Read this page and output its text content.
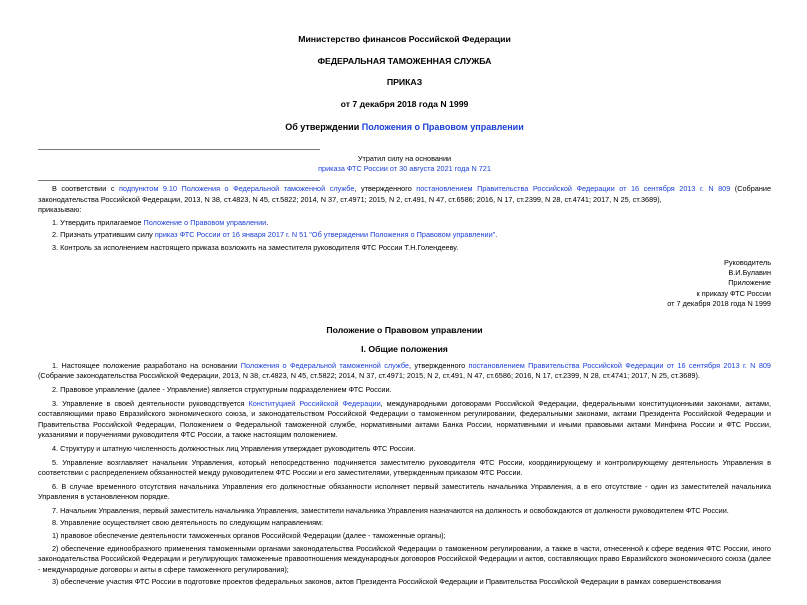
Министерство финансов Российской Федерации
ФЕДЕРАЛЬНАЯ ТАМОЖЕННАЯ СЛУЖБА
ПРИКАЗ
от 7 декабря 2018 года N 1999
Об утверждении Положения о Правовом управлении
Утратил силу на основании
приказа ФТС России от 30 августа 2021 года N 721
В соответствии с подпунктом 9.10 Положения о Федеральной таможенной службе, утвержденного постановлением Правительства Российской Федерации от 16 сентября 2013 г. N 809 (Собрание законодательства Российской Федерации, 2013, N 38, ст.4823, N 45, ст.5822; 2014, N 37, ст.4971; 2015, N 2, ст.491, N 47, ст.6586; 2016, N 17, ст.2399, N 28, ст.4741; 2017, N 25, ст.3689),
приказываю:
1. Утвердить прилагаемое Положение о Правовом управлении.
2. Признать утратившим силу приказ ФТС России от 16 января 2017 г. N 51 "Об утверждении Положения о Правовом управлении".
3. Контроль за исполнением настоящего приказа возложить на заместителя руководителя ФТС России Т.Н.Голендееву.
Руководитель
В.И.Булавин
Приложение
к приказу ФТС России
от 7 декабря 2018 года N 1999
Положение о Правовом управлении
I. Общие положения
1. Настоящее положение разработано на основании Положения о Федеральной таможенной службе, утвержденного постановлением Правительства Российской Федерации от 16 сентября 2013 г. N 809 (Собрание законодательства Российской Федерации, 2013, N 38, ст.4823, N 45, ст.5822; 2014, N 37, ст.4971; 2015, N 2, ст.491, N 47, ст.6586; 2016, N 17, ст.2399, N 28, ст.4741; 2017, N 25, ст.3689).
2. Правовое управление (далее - Управление) является структурным подразделением ФТС России.
3. Управление в своей деятельности руководствуется Конституцией Российской Федерации, международными договорами Российской Федерации, федеральными конституционными законами, актами, составляющими право Евразийского экономического союза, и законодательством Российской Федерации о таможенном регулировании, федеральными законами, актами Президента Российской Федерации и Правительства Российской Федерации, Положением о Федеральной таможенной службе, нормативными актами Банка России, нормативными и иными правовыми актами Минфина России и ФТС России, указаниями и поручениями руководителя ФТС России, а также настоящим положением.
4. Структуру и штатную численность должностных лиц Управления утверждает руководитель ФТС России.
5. Управление возглавляет начальник Управления, который непосредственно подчиняется заместителю руководителя ФТС России, координирующему и контролирующему деятельность Управления в соответствии с распределением обязанностей между руководителем ФТС России и его заместителями, утвержденным приказом ФТС России.
6. В случае временного отсутствия начальника Управления его должностные обязанности исполняет первый заместитель начальника Управления, а в его отсутствие - один из заместителей начальника Управления в установленном порядке.
7. Начальник Управления, первый заместитель начальника Управления, заместители начальника Управления назначаются на должность и освобождаются от должности руководителем ФТС России.
8. Управление осуществляет свою деятельность по следующим направлениям:
1) правовое обеспечение деятельности таможенных органов Российской Федерации (далее - таможенные органы);
2) обеспечение единообразного применения таможенными органами законодательства Российской Федерации о таможенном регулировании, а также в части, отнесенной к сфере ведения ФТС России, иного законодательства Российской Федерации и регулирующих таможенные правоотношения международных договоров Российской Федерации и актов, составляющих право Евразийского экономического союза (далее - международные договоры и акты в сфере таможенного регулирования);
3) обеспечение участия ФТС России в подготовке проектов федеральных законов, актов Президента Российской Федерации и Правительства Российской Федерации в рамках совершенствования
